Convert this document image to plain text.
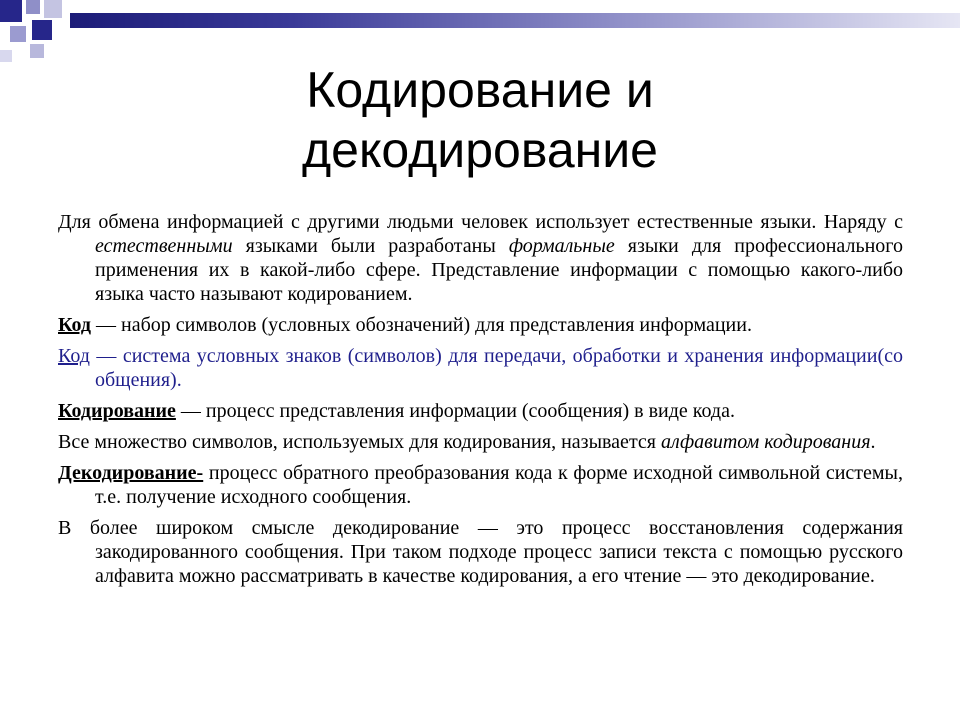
Кодирование и
декодирование

Для обмена информацией с другими людьми человек использует естественные языки. Наряду с естественными языками были разработаны формальные языки для профессионального применения их в какой-либо сфере. Представление информации с помощью какого-либо языка часто называют кодированием.

Код — набор символов (условных обозначений) для представления информации.

Код — система условных знаков (символов) для передачи, обработки и хранения информации(со общения).

Кодирование — процесс представления информации (сообщения) в виде кода.

Все множество символов, используемых для кодирования, называется алфавитом кодирования.

Декодирование- процесс обратного преобразования кода к форме исходной символьной системы, т.е. получение исходного сообщения.

В более широком смысле декодирование — это процесс восстановления содержания закодированного сообщения. При таком подходе процесс записи текста с помощью русского алфавита можно рассматривать в качестве кодирования, а его чтение — это декодирование.
